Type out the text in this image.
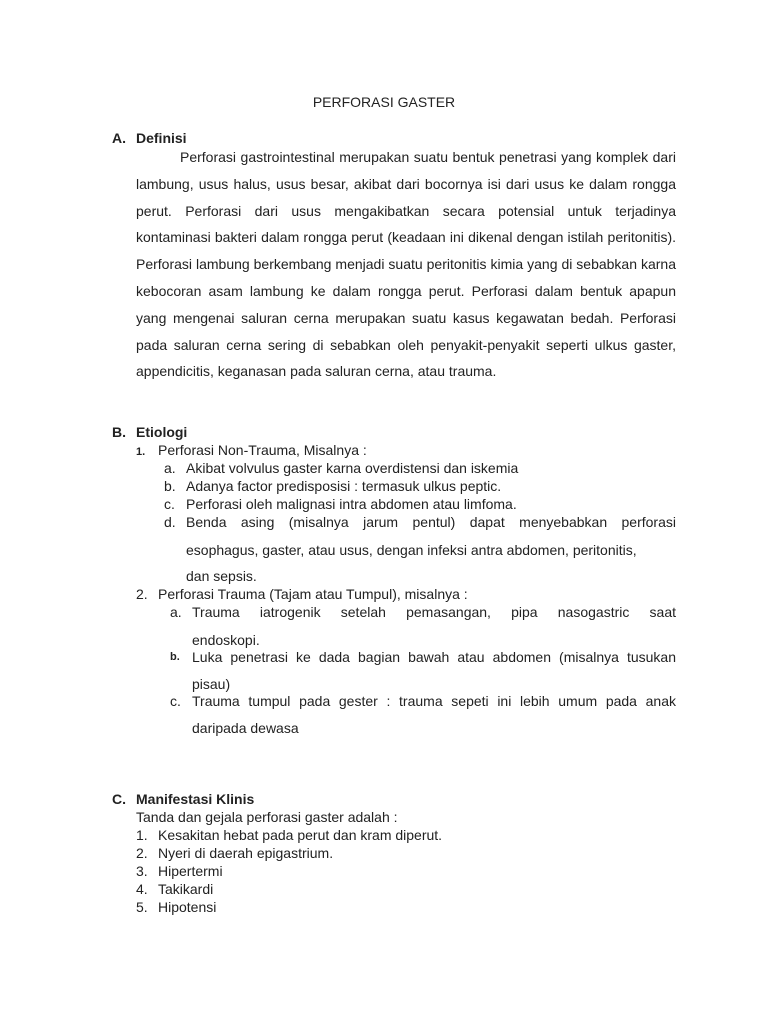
PERFORASI GASTER
A. Definisi
Perforasi gastrointestinal merupakan suatu bentuk penetrasi yang komplek dari lambung, usus halus, usus besar, akibat dari bocornya isi dari usus ke dalam rongga perut. Perforasi dari usus mengakibatkan secara potensial untuk terjadinya kontaminasi bakteri dalam rongga perut (keadaan ini dikenal dengan istilah peritonitis). Perforasi lambung berkembang menjadi suatu peritonitis kimia yang di sebabkan karna kebocoran asam lambung ke dalam rongga perut. Perforasi dalam bentuk apapun yang mengenai saluran cerna merupakan suatu kasus kegawatan bedah. Perforasi pada saluran cerna sering di sebabkan oleh penyakit-penyakit seperti ulkus gaster, appendicitis, keganasan pada saluran cerna, atau trauma.
B. Etiologi
1. Perforasi Non-Trauma, Misalnya :
a. Akibat volvulus gaster karna overdistensi dan iskemia
b. Adanya factor predisposisi : termasuk ulkus peptic.
c. Perforasi oleh malignasi intra abdomen atau limfoma.
d. Benda asing (misalnya jarum pentul) dapat menyebabkan perforasi
esophagus, gaster, atau usus, dengan infeksi antra abdomen, peritonitis,
dan sepsis.
2. Perforasi Trauma (Tajam atau Tumpul), misalnya :
a. Trauma iatrogenik setelah pemasangan, pipa nasogastric saat
endoskopi.
b. Luka penetrasi ke dada bagian bawah atau abdomen (misalnya tusukan
pisau)
c. Trauma tumpul pada gester : trauma sepeti ini lebih umum pada anak
daripada dewasa
C. Manifestasi Klinis
Tanda dan gejala perforasi gaster adalah :
1. Kesakitan hebat pada perut dan kram diperut.
2. Nyeri di daerah epigastrium.
3. Hipertermi
4. Takikardi
5. Hipotensi
